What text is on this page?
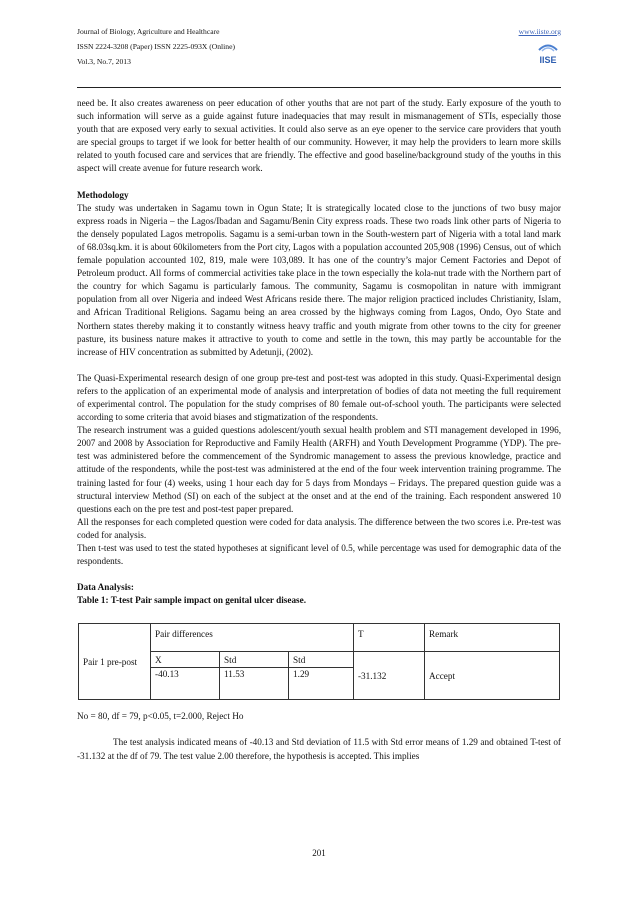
Journal of Biology, Agriculture and Healthcare
ISSN 2224-3208 (Paper) ISSN 2225-093X (Online)
Vol.3, No.7, 2013
www.iiste.org
IISE

need be. It also creates awareness on peer education of other youths that are not part of the study. Early exposure of the youth to such information will serve as a guide against future inadequacies that may result in mismanagement of STIs, especially those youth that are exposed very early to sexual activities. It could also serve as an eye opener to the service care providers that youth are special groups to target if we look for better health of our community. However, it may help the providers to learn more skills related to youth focused care and services that are friendly. The effective and good baseline/background study of the youths in this aspect will create avenue for future research work.

Methodology

The study was undertaken in Sagamu town in Ogun State; It is strategically located close to the junctions of two busy major express roads in Nigeria – the Lagos/Ibadan and Sagamu/Benin City express roads. These two roads link other parts of Nigeria to the densely populated Lagos metropolis. Sagamu is a semi-urban town in the South-western part of Nigeria with a total land mark of 68.03sq.km. it is about 60kilometers from the Port city, Lagos with a population accounted 205,908 (1996) Census, out of which female population accounted 102, 819, male were 103,089. It has one of the country’s major Cement Factories and Depot of Petroleum product. All forms of commercial activities take place in the town especially the kola-nut trade with the Northern part of the country for which Sagamu is particularly famous. The community, Sagamu is cosmopolitan in nature with immigrant population from all over Nigeria and indeed West Africans reside there. The major religion practiced includes Christianity, Islam, and African Traditional Religions. Sagamu being an area crossed by the highways coming from Lagos, Ondo, Oyo State and Northern states thereby making it to constantly witness heavy traffic and youth migrate from other towns to the city for greener pasture, its business nature makes it attractive to youth to come and settle in the town, this may partly be accountable for the increase of HIV concentration as submitted by Adetunji, (2002).

The Quasi-Experimental research design of one group pre-test and post-test was adopted in this study. Quasi-Experimental design refers to the application of an experimental mode of analysis and interpretation of bodies of data not meeting the full requirement of experimental control. The population for the study comprises of 80 female out-of-school youth. The participants were selected according to some criteria that avoid biases and stigmatization of the respondents.

The research instrument was a guided questions adolescent/youth sexual health problem and STI management developed in 1996, 2007 and 2008 by Association for Reproductive and Family Health (ARFH) and Youth Development Programme (YDP). The pre-test was administered before the commencement of the Syndromic management to assess the previous knowledge, practice and attitude of the respondents, while the post-test was administered at the end of the four week intervention training programme. The training lasted for four (4) weeks, using 1 hour each day for 5 days from Mondays – Fridays. The prepared question guide was a structural interview Method (SI) on each of the subject at the onset and at the end of the training. Each respondent answered 10 questions each on the pre test and post-test paper prepared.

All the responses for each completed question were coded for data analysis. The difference between the two scores i.e. Pre-test was coded for analysis.

Then t-test was used to test the stated hypotheses at significant level of 0.5, while percentage was used for demographic data of the respondents.

Data Analysis:

Table 1: T-test Pair sample impact on genital ulcer disease.

Pair 1 pre-post	Pair differences			T	Remark
	X	Std	Std	-31.132	Accept
	-40.13	11.53	1.29		

No = 80, df = 79, p<0.05, t=2.000, Reject Ho

The test analysis indicated means of -40.13 and Std deviation of 11.5 with Std error means of 1.29 and obtained T-test of -31.132 at the df of 79. The test value 2.00 therefore, the hypothesis is accepted. This implies

201
